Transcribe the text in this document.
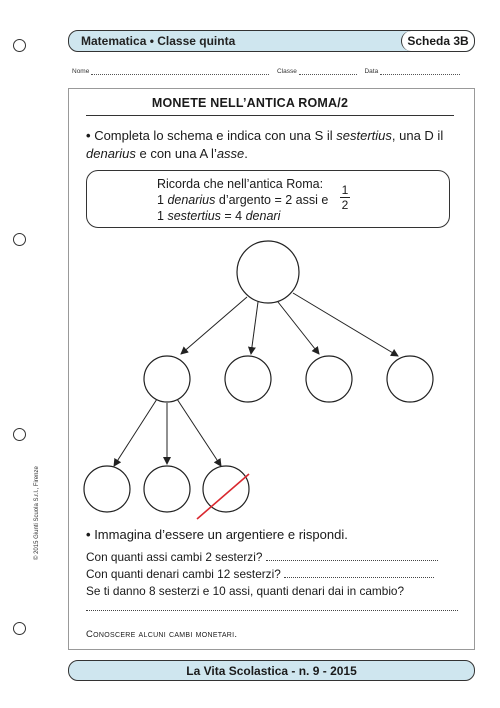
Matematica • Classe quinta	Scheda 3B
Nome	Classe	Data
MONETE NELL’ANTICA ROMA/2
• Completa lo schema e indica con una S il sestertius, una D il denarius e con una A l’asse.
Ricorda che nell’antica Roma:
1 denarius d’argento = 2 assi e
1 sestertius = 4 denari
1
2
• Immagina d’essere un argentiere e rispondi.
Con quanti assi cambi 2 sesterzi?
Con quanti denari cambi 12 sesterzi?
Se ti danno 8 sesterzi e 10 assi, quanti denari dai in cambio?
Conoscere alcuni cambi monetari.
© 2015 Giunti Scuola S.r.l., Firenze
La Vita Scolastica - n. 9 - 2015
